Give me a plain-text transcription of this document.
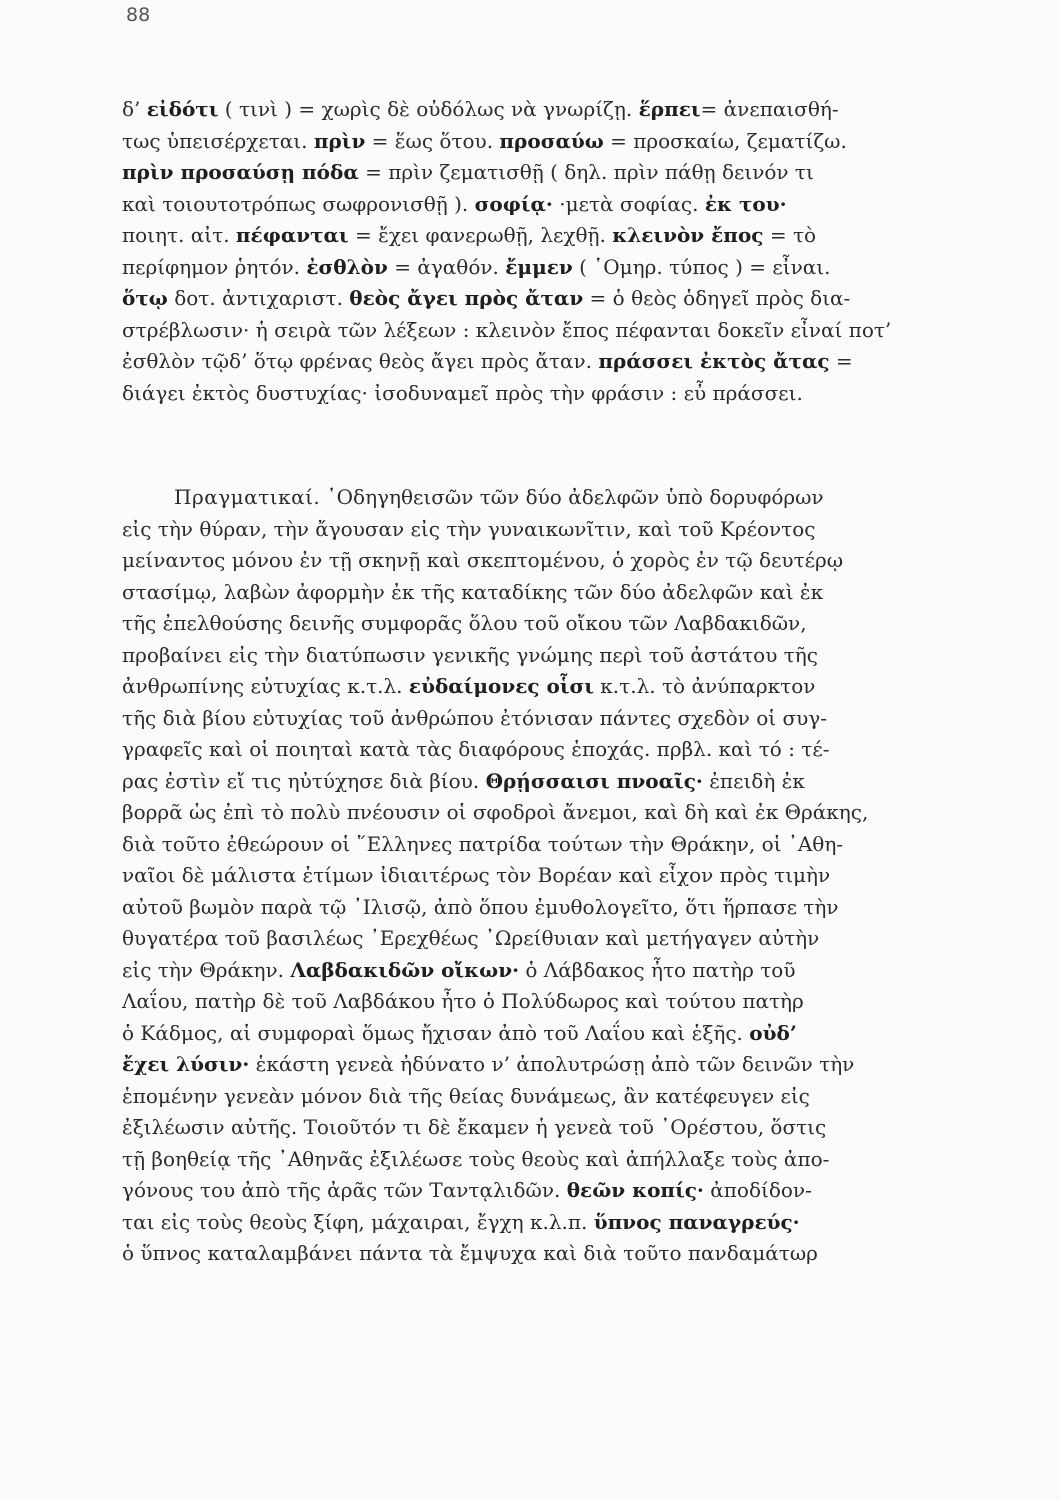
88
δ’ εἰδότι ( τινὶ ) = χωρὶς δὲ οὐδόλως νὰ γνωρίζῃ. ἕρπει= ἀνεπαισθή-
τως ὑπεισέρχεται. πρὶν = ἕως ὅτου. προσαύω = προσκαίω, ζεματίζω.
πρὶν προσαύσῃ πόδα = πρὶν ζεματισθῇ ( δηλ. πρὶν πάθῃ δεινόν τι
καὶ τοιουτοτρόπως σωφρονισθῇ ). σοφίᾳ· ·μετὰ σοφίας. ἐκ του·
ποιητ. αἰτ. πέφανται = ἔχει φανερωθῇ, λεχθῇ. κλεινὸν ἔπος = τὸ
περίφημον ῥητόν. ἐσθλὸν = ἀγαθόν. ἔμμεν ( ῾Ομηρ. τύπος ) = εἶναι.
ὅτῳ δοτ. ἀντιχαριστ. θεὸς ἄγει πρὸς ἄταν = ὁ θεὸς ὁδηγεῖ πρὸς δια-
στρέβλωσιν· ἡ σειρὰ τῶν λέξεων : κλεινὸν ἔπος πέφανται δοκεῖν εἶναί ποτ’
ἐσθλὸν τῷδ’ ὅτῳ φρένας θεὸς ἄγει πρὸς ἄταν. πράσσει ἐκτὸς ἄτας =
διάγει ἐκτὸς δυστυχίας· ἰσοδυναμεῖ πρὸς τὴν φράσιν : εὖ πράσσει.
Πραγματικαί. ῾Οδηγηθεισῶν τῶν δύο ἀδελφῶν ὑπὸ δορυφόρων
εἰς τὴν θύραν, τὴν ἄγουσαν εἰς τὴν γυναικωνῖτιν, καὶ τοῦ Κρέοντος
μείναντος μόνου ἐν τῇ σκηνῇ καὶ σκεπτομένου, ὁ χορὸς ἐν τῷ δευτέρῳ
στασίμῳ, λαβὼν ἀφορμὴν ἐκ τῆς καταδίκης τῶν δύο ἀδελφῶν καὶ ἐκ
τῆς ἐπελθούσης δεινῆς συμφορᾶς ὅλου τοῦ οἴκου τῶν Λαβδακιδῶν,
προβαίνει εἰς τὴν διατύπωσιν γενικῆς γνώμης περὶ τοῦ ἀστάτου τῆς
ἀνθρωπίνης εὐτυχίας κ.τ.λ. εὐδαίμονες οἷσι κ.τ.λ. τὸ ἀνύπαρκτον
τῆς διὰ βίου εὐτυχίας τοῦ ἀνθρώπου ἐτόνισαν πάντες σχεδὸν οἱ συγ-
γραφεῖς καὶ οἱ ποιηταὶ κατὰ τὰς διαφόρους ἐποχάς. πρβλ. καὶ τό : τέ-
ρας ἐστὶν εἴ τις ηὐτύχησε διὰ βίου. Θρῄσσαισι πνοαῖς· ἐπειδὴ ἐκ
βορρᾶ ὡς ἐπὶ τὸ πολὺ πνέουσιν οἱ σφοδροὶ ἄνεμοι, καὶ δὴ καὶ ἐκ Θράκης,
διὰ τοῦτο ἐθεώρουν οἱ ῞Ελληνες πατρίδα τούτων τὴν Θράκην, οἱ ᾿Αθη-
ναῖοι δὲ μάλιστα ἐτίμων ἰδιαιτέρως τὸν Βορέαν καὶ εἶχον πρὸς τιμὴν
αὐτοῦ βωμὸν παρὰ τῷ ᾿Ιλισῷ, ἀπὸ ὅπου ἐμυθολογεῖτο, ὅτι ἥρπασε τὴν
θυγατέρα τοῦ βασιλέως ᾿Ερεχθέως ᾿Ωρείθυιαν καὶ μετήγαγεν αὐτὴν
εἰς τὴν Θράκην. Λαβδακιδῶν οἴκων· ὁ Λάβδακος ἦτο πατὴρ τοῦ
Λαΐου, πατὴρ δὲ τοῦ Λαβδάκου ἦτο ὁ Πολύδωρος καὶ τούτου πατὴρ
ὁ Κάδμος, αἱ συμφοραὶ ὅμως ἤχισαν ἀπὸ τοῦ Λαΐου καὶ ἑξῆς. οὐδ’
ἔχει λύσιν· ἑκάστη γενεὰ ἠδύνατο ν’ ἀπολυτρώσῃ ἀπὸ τῶν δεινῶν τὴν
ἑπομένην γενεὰν μόνον διὰ τῆς θείας δυνάμεως, ἂν κατέφευγεν εἰς
ἐξιλέωσιν αὐτῆς. Τοιοῦτόν τι δὲ ἔκαμεν ἡ γενεὰ τοῦ ᾿Ορέστου, ὅστις
τῇ βοηθείᾳ τῆς ᾿Αθηνᾶς ἐξιλέωσε τοὺς θεοὺς καὶ ἀπήλλαξε τοὺς ἀπο-
γόνους του ἀπὸ τῆς ἀρᾶς τῶν Ταντᾳλιδῶν. θεῶν κοπίς· ἀποδίδον-
ται εἰς τοὺς θεοὺς ξίφη, μάχαιραι, ἔγχη κ.λ.π. ὕπνος παναγρεύς·
ὁ ὕπνος καταλαμβάνει πάντα τὰ ἔμψυχα καὶ διὰ τοῦτο πανδαμάτωρ
